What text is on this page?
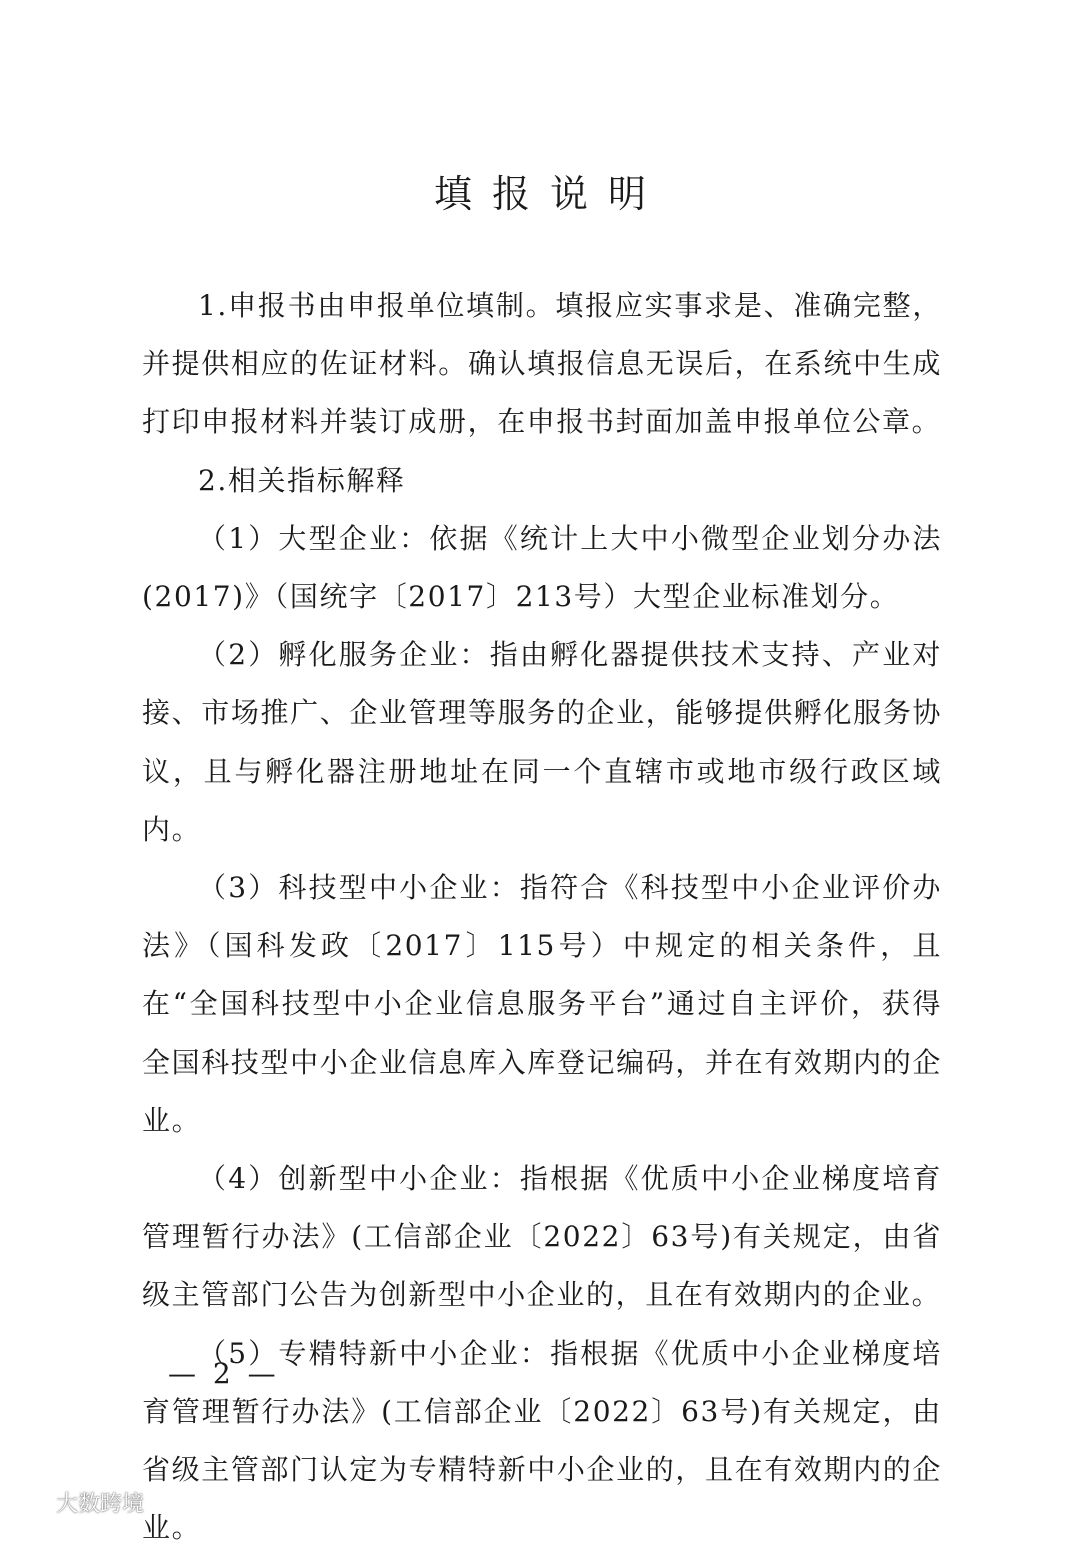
填报说明

1.申报书由申报单位填制。填报应实事求是、准确完整，并提供相应的佐证材料。确认填报信息无误后，在系统中生成打印申报材料并装订成册，在申报书封面加盖申报单位公章。

2.相关指标解释

（1）大型企业：依据《统计上大中小微型企业划分办法(2017)》（国统字〔2017〕213号）大型企业标准划分。

（2）孵化服务企业：指由孵化器提供技术支持、产业对接、市场推广、企业管理等服务的企业，能够提供孵化服务协议，且与孵化器注册地址在同一个直辖市或地市级行政区域内。

（3）科技型中小企业：指符合《科技型中小企业评价办法》（国科发政〔2017〕115号）中规定的相关条件，且在“全国科技型中小企业信息服务平台”通过自主评价，获得全国科技型中小企业信息库入库登记编码，并在有效期内的企业。

（4）创新型中小企业：指根据《优质中小企业梯度培育管理暂行办法》(工信部企业〔2022〕63号)有关规定，由省级主管部门公告为创新型中小企业的，且在有效期内的企业。

（5）专精特新中小企业：指根据《优质中小企业梯度培育管理暂行办法》(工信部企业〔2022〕63号)有关规定，由省级主管部门认定为专精特新中小企业的，且在有效期内的企业。

— 2 —
大数跨境
